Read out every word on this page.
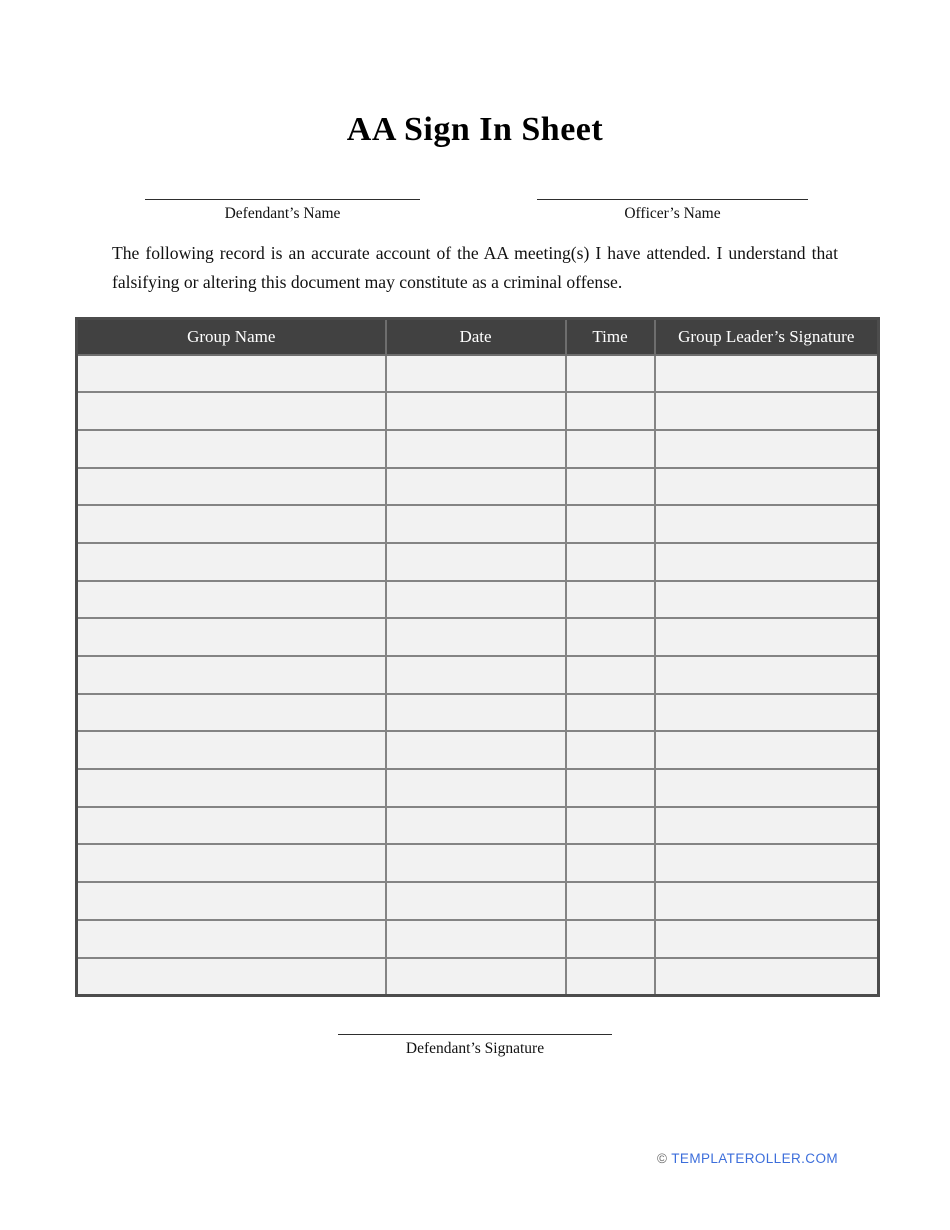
AA Sign In Sheet
Defendant’s Name	Officer’s Name

The following record is an accurate account of the AA meeting(s) I have attended. I understand that falsifying or altering this document may constitute as a criminal offense.

Group Name	Date	Time	Group Leader’s Signature

Defendant’s Signature
© TEMPLATEROLLER.COM
